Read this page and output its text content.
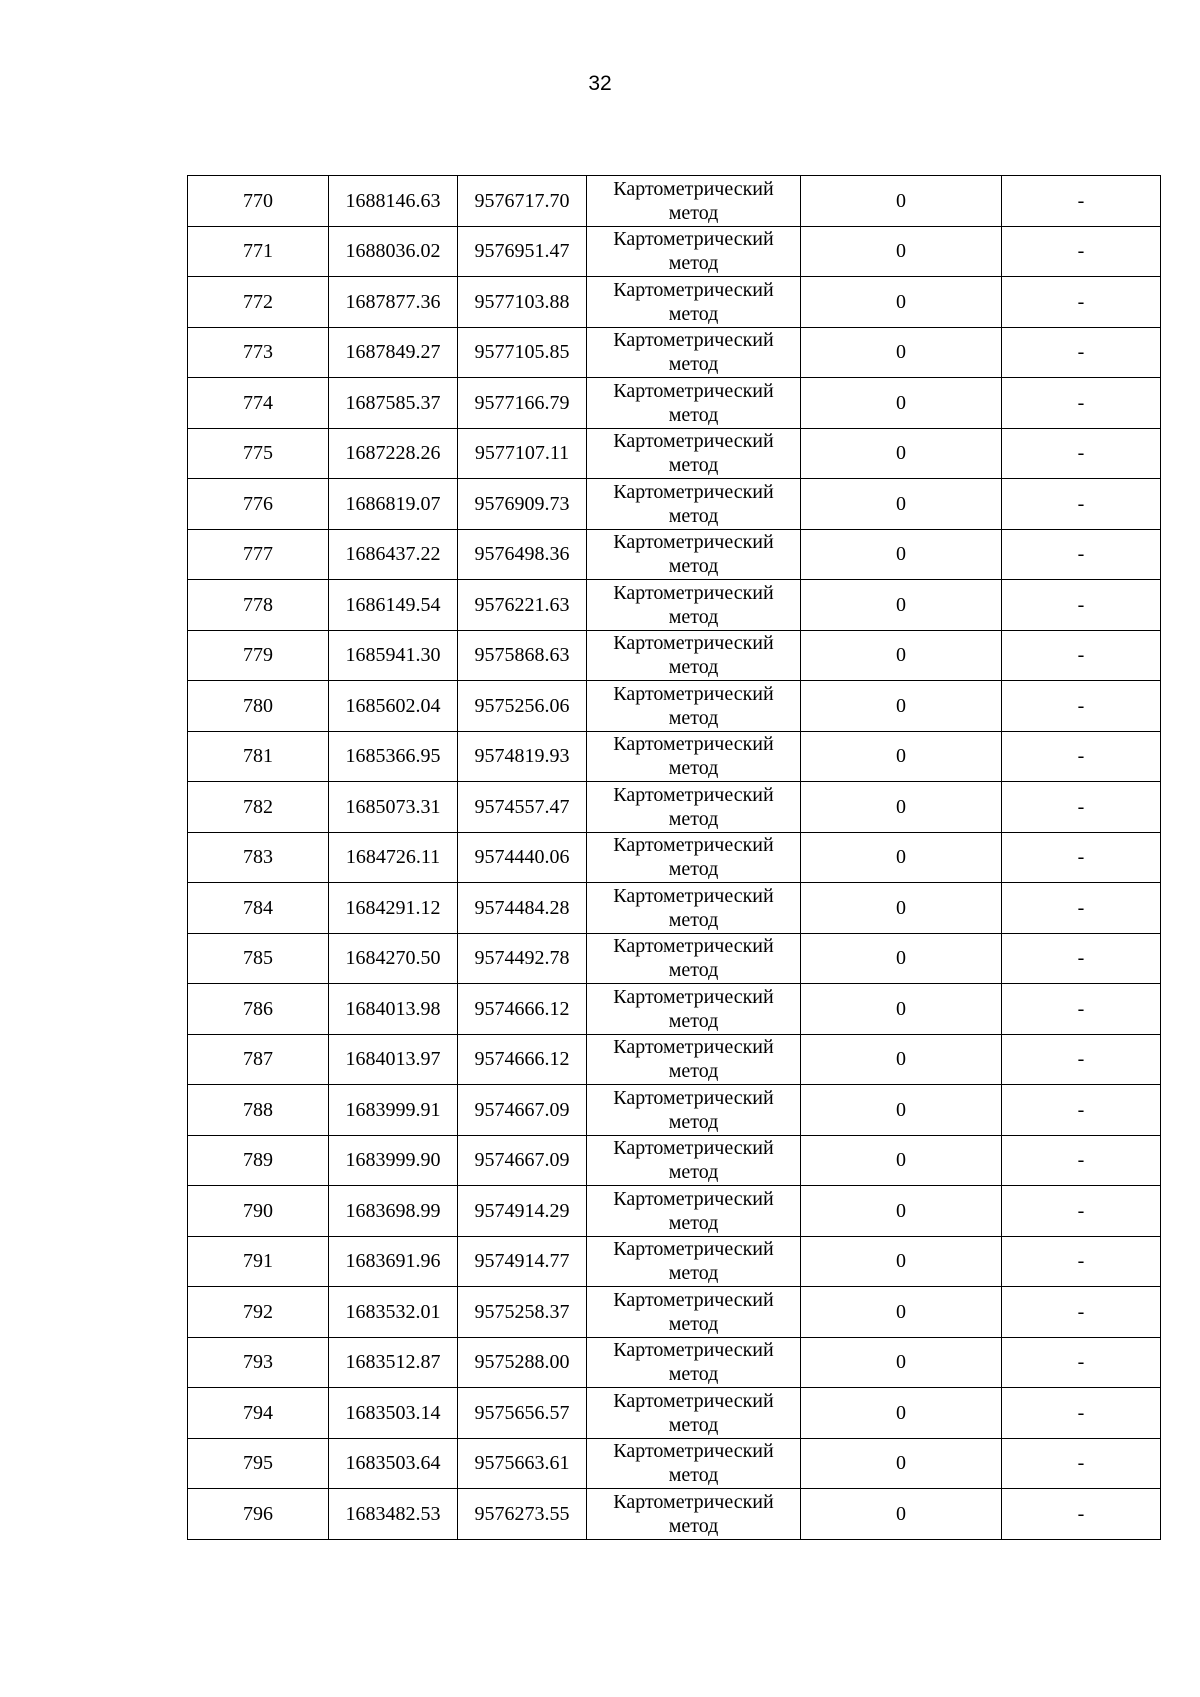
32
770	1688146.63	9576717.70	Картометрический
метод	0	-
771	1688036.02	9576951.47	Картометрический
метод	0	-
772	1687877.36	9577103.88	Картометрический
метод	0	-
773	1687849.27	9577105.85	Картометрический
метод	0	-
774	1687585.37	9577166.79	Картометрический
метод	0	-
775	1687228.26	9577107.11	Картометрический
метод	0	-
776	1686819.07	9576909.73	Картометрический
метод	0	-
777	1686437.22	9576498.36	Картометрический
метод	0	-
778	1686149.54	9576221.63	Картометрический
метод	0	-
779	1685941.30	9575868.63	Картометрический
метод	0	-
780	1685602.04	9575256.06	Картометрический
метод	0	-
781	1685366.95	9574819.93	Картометрический
метод	0	-
782	1685073.31	9574557.47	Картометрический
метод	0	-
783	1684726.11	9574440.06	Картометрический
метод	0	-
784	1684291.12	9574484.28	Картометрический
метод	0	-
785	1684270.50	9574492.78	Картометрический
метод	0	-
786	1684013.98	9574666.12	Картометрический
метод	0	-
787	1684013.97	9574666.12	Картометрический
метод	0	-
788	1683999.91	9574667.09	Картометрический
метод	0	-
789	1683999.90	9574667.09	Картометрический
метод	0	-
790	1683698.99	9574914.29	Картометрический
метод	0	-
791	1683691.96	9574914.77	Картометрический
метод	0	-
792	1683532.01	9575258.37	Картометрический
метод	0	-
793	1683512.87	9575288.00	Картометрический
метод	0	-
794	1683503.14	9575656.57	Картометрический
метод	0	-
795	1683503.64	9575663.61	Картометрический
метод	0	-
796	1683482.53	9576273.55	Картометрический
метод	0	-
